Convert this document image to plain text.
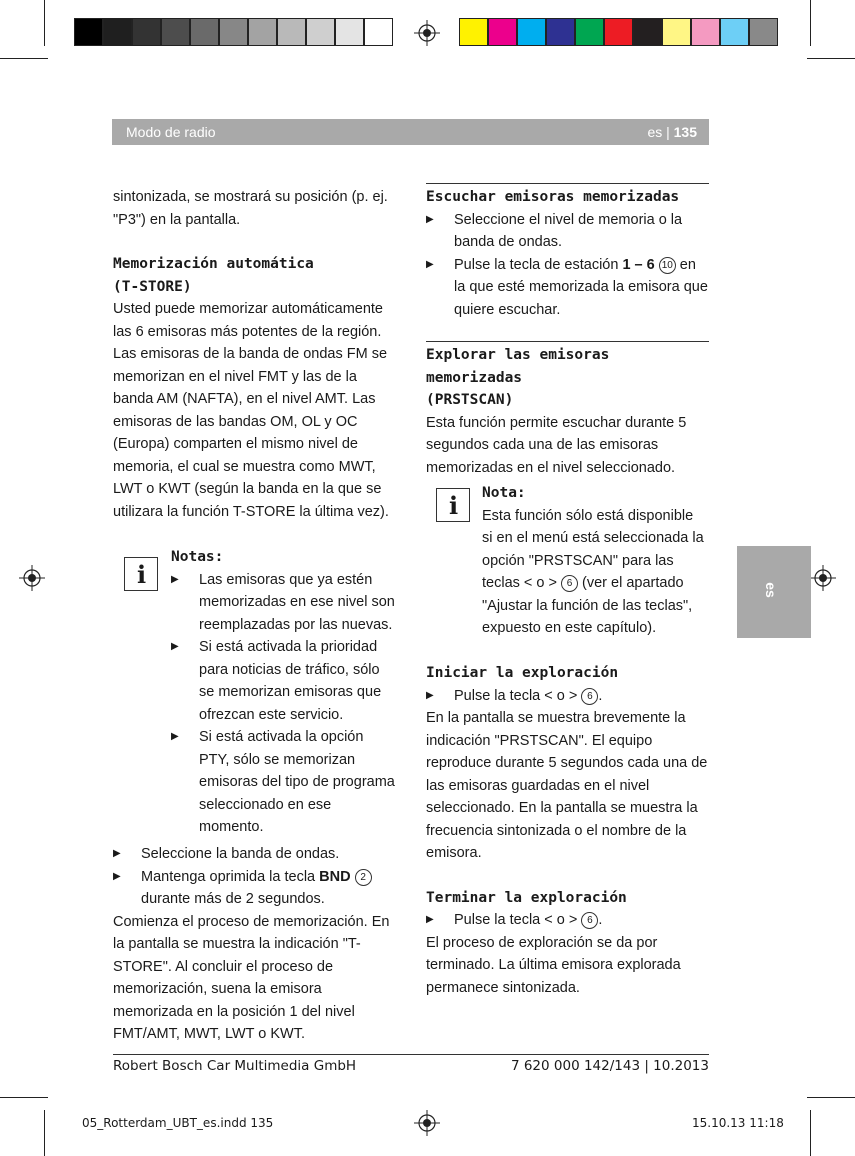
Modo de radio	es | 135
es
sintonizada, se mostrará su posición (p. ej. "P3") en la pantalla.
Memorización automática
(T-STORE)
Usted puede memorizar automáticamente las 6 emisoras más potentes de la región. Las emisoras de la banda de ondas FM se memorizan en el nivel FMT y las de la banda AM (NAFTA), en el nivel AMT. Las emisoras de las bandas OM, OL y OC (Europa) comparten el mismo nivel de memoria, el cual se muestra como MWT, LWT o KWT (según la banda en la que se utilizara la función T-STORE la última vez).
i
Notas:
▶ Las emisoras que ya estén memorizadas en ese nivel son reemplazadas por las nuevas.
▶ Si está activada la prioridad para noticias de tráfico, sólo se memorizan emisoras que ofrezcan este servicio.
▶ Si está activada la opción PTY, sólo se memorizan emisoras del tipo de programa seleccionado en ese momento.
▶ Seleccione la banda de ondas.
▶ Mantenga oprimida la tecla BND 2
durante más de 2 segundos.
Comienza el proceso de memorización. En la pantalla se muestra la indicación "T-STORE". Al concluir el proceso de memorización, suena la emisora memorizada en la posición 1 del nivel FMT/AMT, MWT, LWT o KWT.
Escuchar emisoras memorizadas
▶ Seleccione el nivel de memoria o la banda de ondas.
▶ Pulse la tecla de estación 1 – 6 10 en la que esté memorizada la emisora que quiere escuchar.
Explorar las emisoras memorizadas
(PRSTSCAN)
Esta función permite escuchar durante 5 segundos cada una de las emisoras memorizadas en el nivel seleccionado.
i Nota:
Esta función sólo está disponible si en el menú está seleccionada la opción "PRSTSCAN" para las teclas < o > 6 (ver el apartado "Ajustar la función de las teclas", expuesto en este capítulo).
Iniciar la exploración
▶ Pulse la tecla < o > 6 .
En la pantalla se muestra brevemente la indicación "PRSTSCAN". El equipo reproduce durante 5 segundos cada una de las emisoras guardadas en el nivel seleccionado. En la pantalla se muestra la frecuencia sintonizada o el nombre de la emisora.
Terminar la exploración
▶ Pulse la tecla < o > 6 .
El proceso de exploración se da por terminado. La última emisora explorada permanece sintonizada.
Robert Bosch Car Multimedia GmbH	7 620 000 142/143 | 10.2013
05_Rotterdam_UBT_es.indd 135	15.10.13 11:18
